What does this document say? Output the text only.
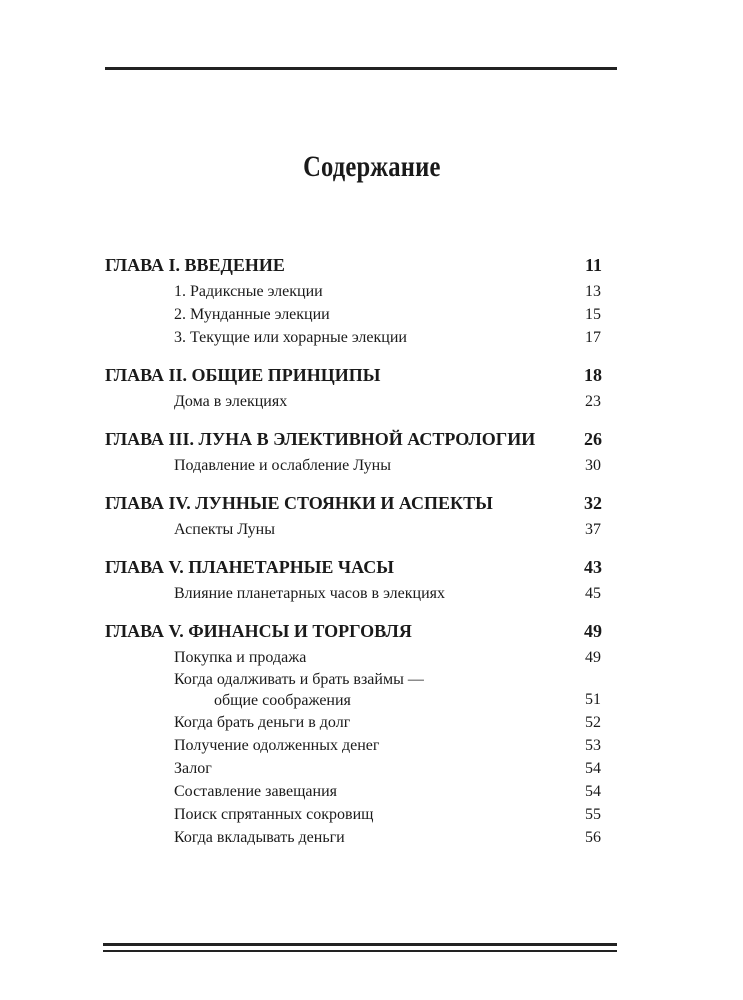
Содержание
ГЛАВА I. ВВЕДЕНИЕ	11
1. Радиксные элекции	13
2. Мунданные элекции	15
3. Текущие или хорарные элекции	17
ГЛАВА II. ОБЩИЕ ПРИНЦИПЫ	18
Дома в элекциях	23
ГЛАВА III. ЛУНА В ЭЛЕКТИВНОЙ АСТРОЛОГИИ	26
Подавление и ослабление Луны	30
ГЛАВА IV. ЛУННЫЕ СТОЯНКИ И АСПЕКТЫ	32
Аспекты Луны	37
ГЛАВА V. ПЛАНЕТАРНЫЕ ЧАСЫ	43
Влияние планетарных часов в элекциях	45
ГЛАВА V. ФИНАНСЫ И ТОРГОВЛЯ	49
Покупка и продажа	49
Когда одалживать и брать взаймы —
общие соображения	51
Когда брать деньги в долг	52
Получение одолженных денег	53
Залог	54
Составление завещания	54
Поиск спрятанных сокровищ	55
Когда вкладывать деньги	56
